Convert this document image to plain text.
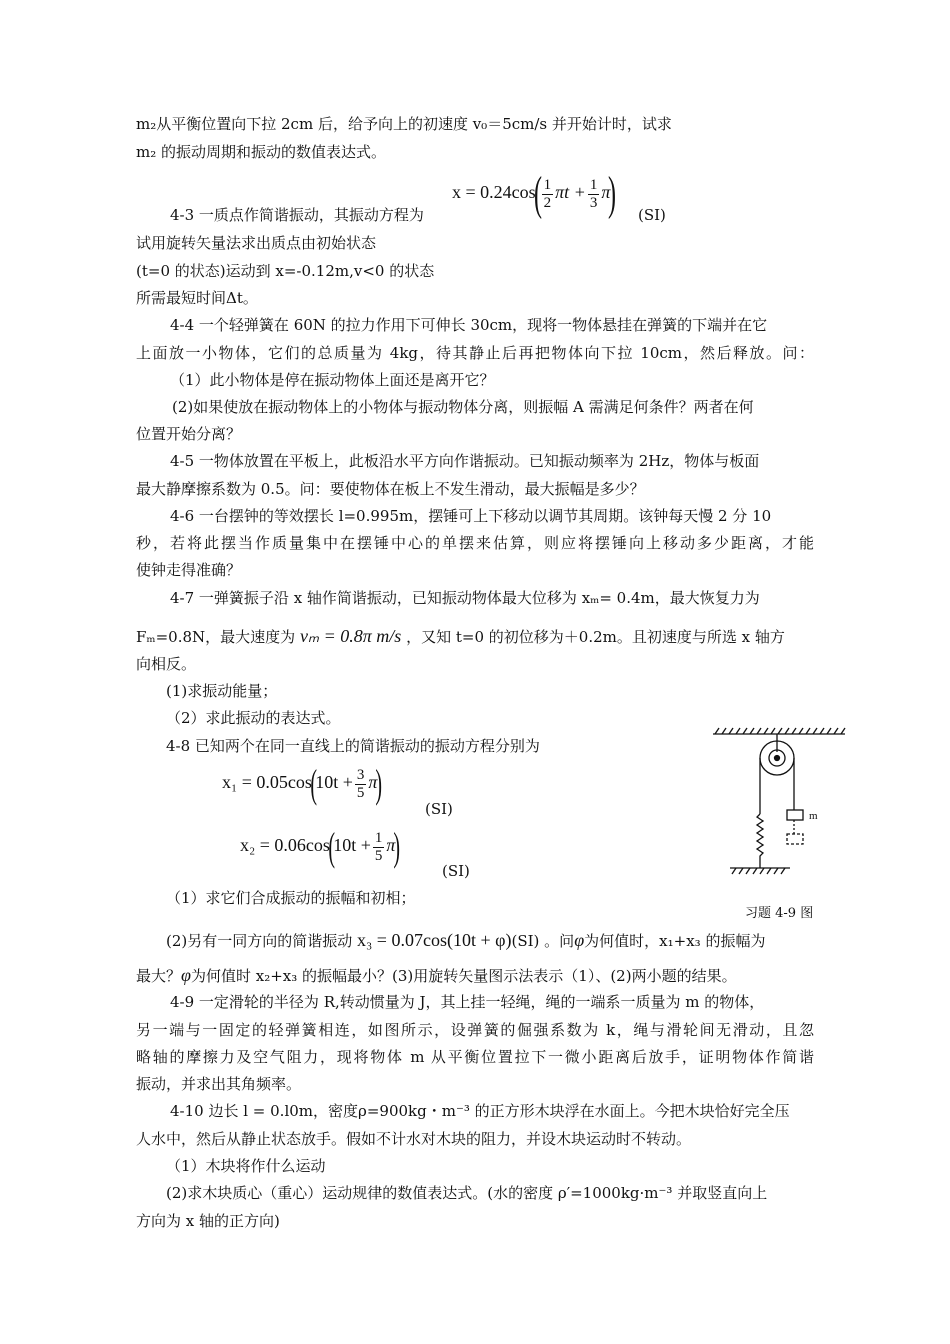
m₂从平衡位置向下拉 2cm 后，给予向上的初速度 v₀＝5cm/s 并开始计时，试求
m₂ 的振动周期和振动的数值表达式。
$x = 0.24\cos( \frac{1}{2}$ $\pi t + \frac{1}{3} \pi$) (SI)
4-3 一质点作简谐振动，其振动方程为
试用旋转矢量法求出质点由初始状态
(t=0 的状态)运动到 x=-0.12m,v<0 的状态
所需最短时间Δt。
4-4 一个轻弹簧在 60N 的拉力作用下可伸长 30cm，现将一物体悬挂在弹簧的下端并在它
上面放一小物体，它们的总质量为 4kg，待其静止后再把物体向下拉 10cm，然后释放。问：
（1）此小物体是停在振动物体上面还是离开它？
(2)如果使放在振动物体上的小物体与振动物体分离，则振幅 A 需满足何条件？两者在何
位置开始分离？
4-5 一物体放置在平板上，此板沿水平方向作谐振动。已知振动频率为 2Hz，物体与板面
最大静摩擦系数为 0.5。问：要使物体在板上不发生滑动，最大振幅是多少？
4-6 一台摆钟的等效摆长 l=0.995m，摆锤可上下移动以调节其周期。该钟每天慢 2 分 10
秒，若将此摆当作质量集中在摆锤中心的单摆来估算，则应将摆锤向上移动多少距离，才能
使钟走得准确？
4-7 一弹簧振子沿 x 轴作简谐振动，已知振动物体最大位移为 xₘ= 0.4m，最大恢复力为
Fₘ=0.8N，最大速度为 vₘ = 0.8π m/s ，又知 t=0 的初位移为＋0.2m。且初速度与所选 x 轴方
向相反。
(1)求振动能量；
（2）求此振动的表达式。
4-8 已知两个在同一直线上的简谐振动的振动方程分别为
$x_1 = 0.05\cos(10t + \frac{3}{5} \pi)$
(SI)
$x_2 = 0.06\cos(10t + \frac{1}{5} \pi)$
(SI)
（1）求它们合成振动的振幅和初相；
(2)另有一同方向的简谐振动 x₃ = 0.07cos(10t + φ)(SI) 。问φ为何值时，x₁+x₃ 的振幅为
最大？φ为何值时 x₂+x₃ 的振幅最小？(3)用旋转矢量图示法表示（1）、(2)两小题的结果。
4-9 一定滑轮的半径为 R,转动惯量为 J，其上挂一轻绳，绳的一端系一质量为 m 的物体，
另一端与一固定的轻弹簧相连，如图所示，设弹簧的倔强系数为 k，绳与滑轮间无滑动，且忽
略轴的摩擦力及空气阻力，现将物体 m 从平衡位置拉下一微小距离后放手，证明物体作简谐
振动，并求出其角频率。
4-10 边长 l = 0.l0m，密度ρ=900kg・m⁻³ 的正方形木块浮在水面上。今把木块恰好完全压
人水中，然后从静止状态放手。假如不计水对木块的阻力，并设木块运动时不转动。
（1）木块将作什么运动
(2)求木块质心（重心）运动规律的数值表达式。(水的密度 ρ′=1000kg·m⁻³ 并取竖直向上
方向为 x 轴的正方向)
m
习题 4-9 图
